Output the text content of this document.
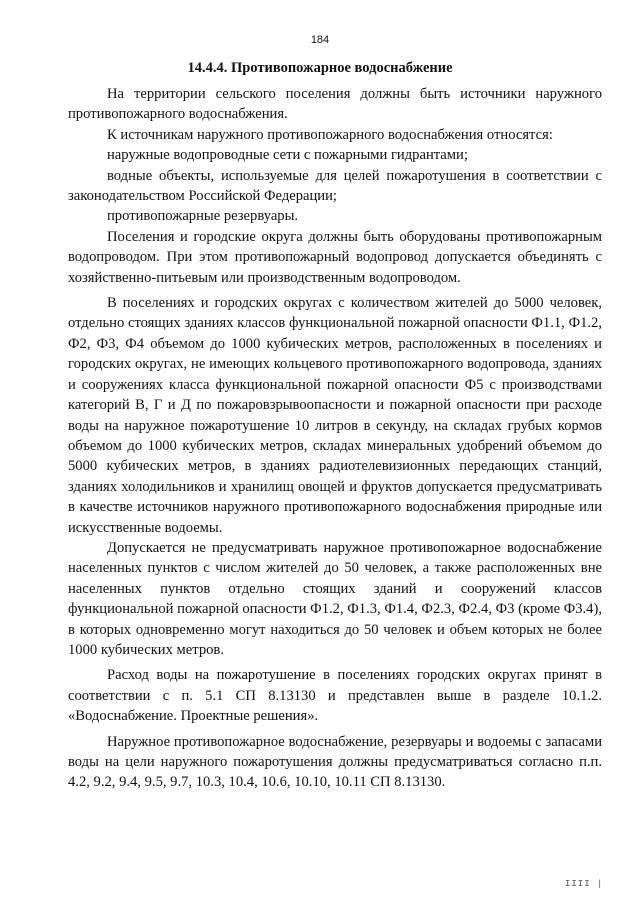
184
14.4.4. Противопожарное водоснабжение

На территории сельского поселения должны быть источники наружного противопожарного водоснабжения.

К источникам наружного противопожарного водоснабжения относятся:

наружные водопроводные сети с пожарными гидрантами;

водные объекты, используемые для целей пожаротушения в соответствии с законодательством Российской Федерации;

противопожарные резервуары.

Поселения и городские округа должны быть оборудованы противопожарным водопроводом. При этом противопожарный водопровод допускается объединять с хозяйственно-питьевым или производственным водопроводом.

В поселениях и городских округах с количеством жителей до 5000 человек, отдельно стоящих зданиях классов функциональной пожарной опасности Ф1.1, Ф1.2, Ф2, Ф3, Ф4 объемом до 1000 кубических метров, расположенных в поселениях и городских округах, не имеющих кольцевого противопожарного водопровода, зданиях и сооружениях класса функциональной пожарной опасности Ф5 с производствами категорий В, Г и Д по пожаровзрывоопасности и пожарной опасности при расходе воды на наружное пожаротушение 10 литров в секунду, на складах грубых кормов объемом до 1000 кубических метров, складах минеральных удобрений объемом до 5000 кубических метров, в зданиях радиотелевизионных передающих станций, зданиях холодильников и хранилищ овощей и фруктов допускается предусматривать в качестве источников наружного противопожарного водоснабжения природные или искусственные водоемы.

Допускается не предусматривать наружное противопожарное водоснабжение населенных пунктов с числом жителей до 50 человек, а также расположенных вне населенных пунктов отдельно стоящих зданий и сооружений классов функциональной пожарной опасности Ф1.2, Ф1.3, Ф1.4, Ф2.3, Ф2.4, Ф3 (кроме Ф3.4), в которых одновременно могут находиться до 50 человек и объем которых не более 1000 кубических метров.

Расход воды на пожаротушение в поселениях городских округах принят в соответствии с п. 5.1 СП 8.13130 и представлен выше в разделе 10.1.2. «Водоснабжение. Проектные решения».

Наружное противопожарное водоснабжение, резервуары и водоемы с запасами воды на цели наружного пожаротушения должны предусматриваться согласно п.п. 4.2, 9.2, 9.4, 9.5, 9.7, 10.3, 10.4, 10.6, 10.10, 10.11 СП 8.13130.

IIII |
